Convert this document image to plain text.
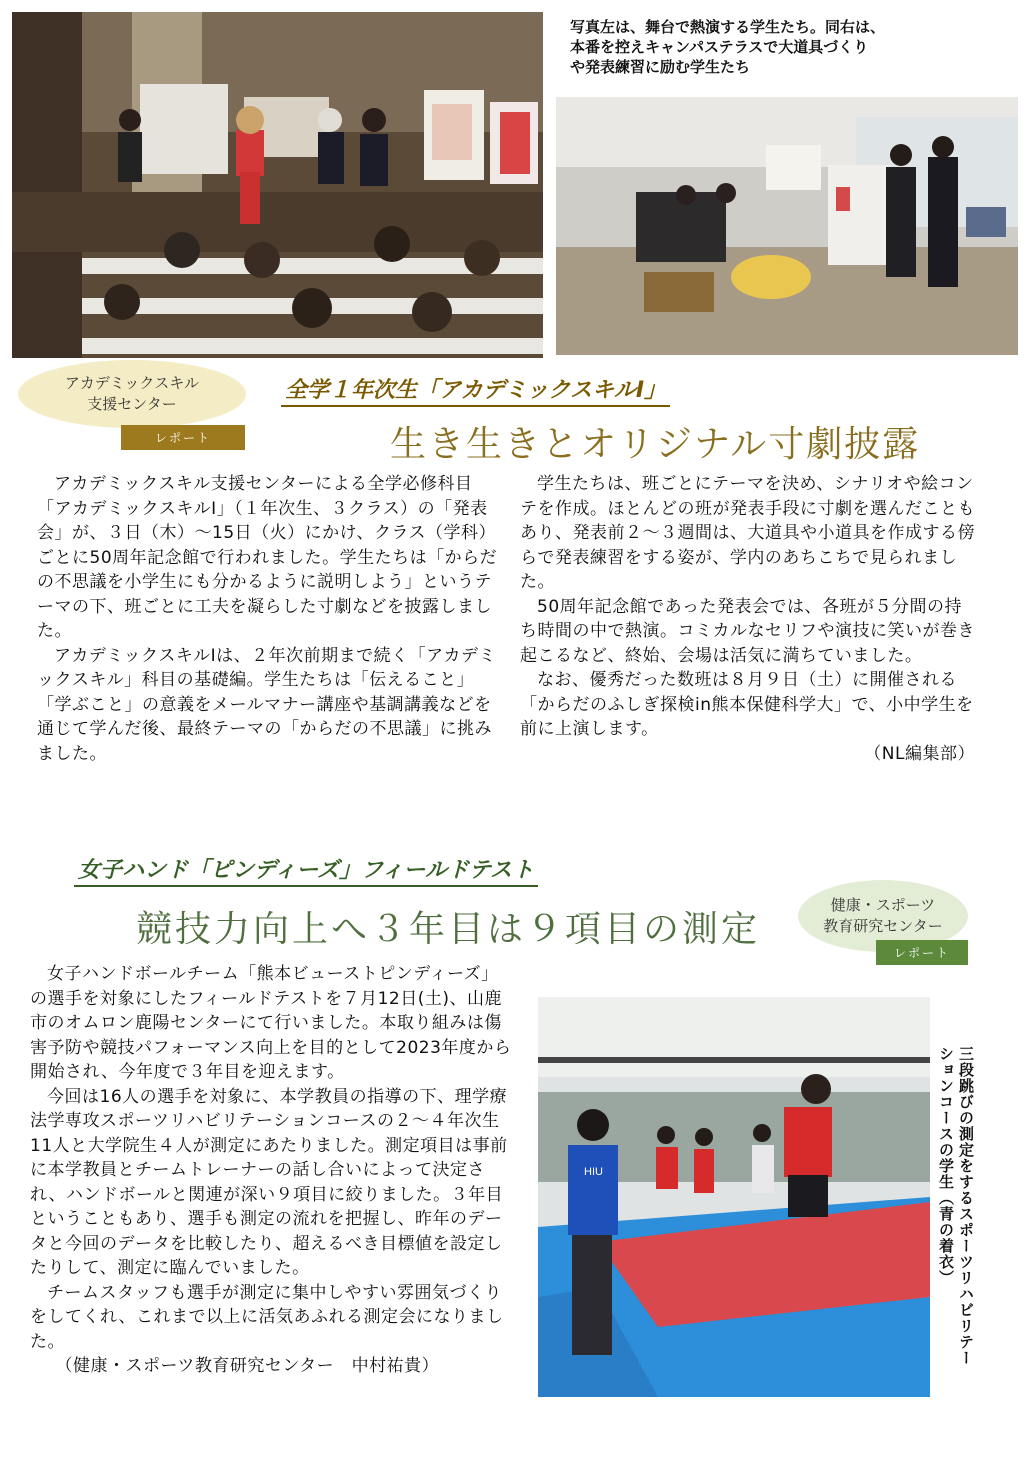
写真左は、舞台で熱演する学生たち。同右は、
本番を控えキャンパステラスで大道具づくり
や発表練習に励む学生たち
アカデミックスキル
支援センター
レポート
全学１年次生「アカデミックスキルⅠ」
生き生きとオリジナル寸劇披露

アカデミックスキル支援センターによる全学必修科目「アカデミックスキルⅠ」（１年次生、３クラス）の「発表会」が、３日（木）～15日（火）にかけ、クラス（学科）ごとに50周年記念館で行われました。学生たちは「からだの不思議を小学生にも分かるように説明しよう」というテーマの下、班ごとに工夫を凝らした寸劇などを披露しました。

アカデミックスキルⅠは、２年次前期まで続く「アカデミックスキル」科目の基礎編。学生たちは「伝えること」「学ぶこと」の意義をメールマナー講座や基調講義などを通じて学んだ後、最終テーマの「からだの不思議」に挑みました。

学生たちは、班ごとにテーマを決め、シナリオや絵コンテを作成。ほとんどの班が発表手段に寸劇を選んだこともあり、発表前２～３週間は、大道具や小道具を作成する傍らで発表練習をする姿が、学内のあちこちで見られました。

50周年記念館であった発表会では、各班が５分間の持ち時間の中で熱演。コミカルなセリフや演技に笑いが巻き起こるなど、終始、会場は活気に満ちていました。

なお、優秀だった数班は８月９日（土）に開催される「からだのふしぎ探検in熊本保健科学大」で、小中学生を前に上演します。

（NL編集部）

女子ハンド「ピンディーズ」フィールドテスト
競技力向上へ３年目は９項目の測定
健康・スポーツ
教育研究センター
レポート

女子ハンドボールチーム「熊本ビューストピンディーズ」の選手を対象にしたフィールドテストを７月12日(土)、山鹿市のオムロン鹿陽センターにて行いました。本取り組みは傷害予防や競技パフォーマンス向上を目的として2023年度から開始され、今年度で３年目を迎えます。

今回は16人の選手を対象に、本学教員の指導の下、理学療法学専攻スポーツリハビリテーションコースの２～４年次生11人と大学院生４人が測定にあたりました。測定項目は事前に本学教員とチームトレーナーの話し合いによって決定され、ハンドボールと関連が深い９項目に絞りました。３年目ということもあり、選手も測定の流れを把握し、昨年のデータと今回のデータを比較したり、超えるべき目標値を設定したりして、測定に臨んでいました。

チームスタッフも選手が測定に集中しやすい雰囲気づくりをしてくれ、これまで以上に活気あふれる測定会になりました。

（健康・スポーツ教育研究センター　中村祐貴）

HIU	三段跳びの測定をするスポーツリハビリテーションコースの学生（青の着衣）
